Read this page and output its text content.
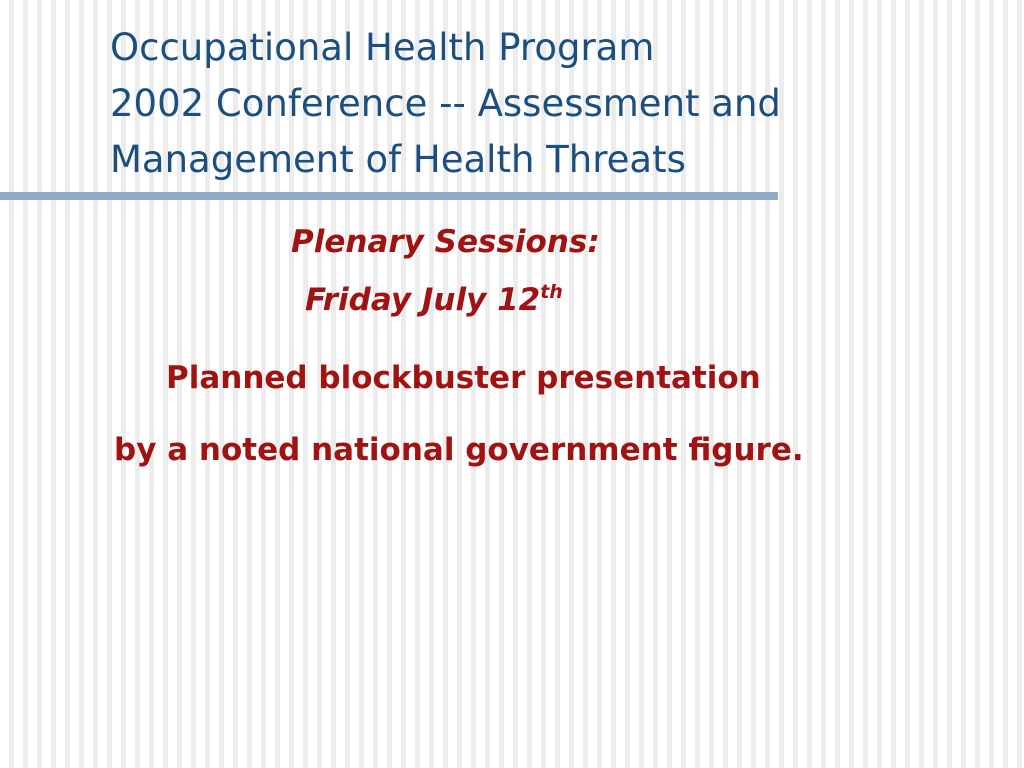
Occupational Health Program
2002 Conference -- Assessment and
Management of Health Threats

Plenary Sessions:

Friday July 12th

Planned blockbuster presentation

by a noted national government figure.
